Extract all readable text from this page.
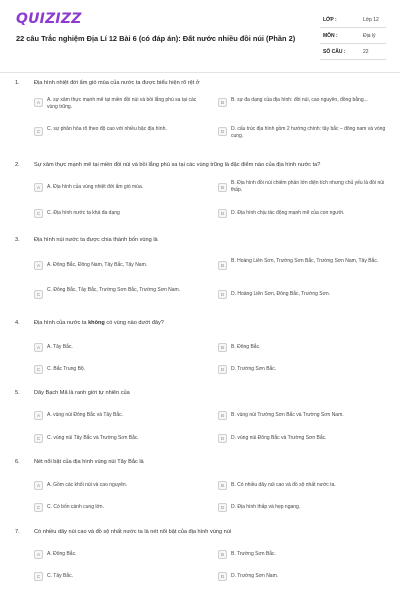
QUIZIZZ
22 câu Trắc nghiệm Địa Lí 12 Bài 6 (có đáp án): Đất nước nhiều đồi núi (Phần 2)
LỚP :	Lớp 12
MÔN :	Địa lý
SỐ CÂU :	22
1.	Địa hình nhiệt đới ẩm gió mùa của nước ta được biểu hiện rõ rệt ở
A	A. sự xâm thực mạnh mẽ tại miền đồi núi và bồi lắng phù sa tại các vùng trũng.
B	B. sự đa dạng của địa hình: đồi núi, cao nguyên, đồng bằng...
C	C. sự phân hóa rõ theo độ cao với nhiều bậc địa hình.	D	D. cấu trúc địa hình gồm 2 hướng chính: tây bắc – đông nam và vòng cung.
2.	Sự xâm thực mạnh mẽ tại miền đồi núi và bồi lắng phù sa tại các vùng trũng là đặc điểm nào của địa hình nước ta?
A	A. Địa hình của vùng nhiệt đới ẩm gió mùa.	B
B. Địa hình đồi núi chiếm phần lớn diện tích nhưng chủ yếu là đồi núi thấp.
C	C. Địa hình nước ta khá đa dạng	D	D. Địa hình chịu tác động mạnh mẽ của con người.
3.	Địa hình núi nước ta được chia thành bốn vùng là
A	A. Đông Bắc, Đông Nam, Tây Bắc, Tây Nam.	B
B. Hoàng Liên Sơn, Trường Sơn Bắc, Trường Sơn Nam, Tây Bắc.
C
C. Đông Bắc, Tây Bắc, Trường Sơn Bắc, Trường Sơn Nam.
D	D. Hoàng Liên Sơn, Đông Bắc, Trường Sơn.
4.	Địa hình của nước ta không có vùng nào dưới đây?
A	A. Tây Bắc.	B	B. Đông Bắc.
C	C. Bắc Trung Bộ.	D	D. Trường Sơn Bắc.
5.	Dãy Bạch Mã là ranh giới tự nhiên của
A	A. vùng núi Đông Bắc và Tây Bắc.	B	B. vùng núi Trường Sơn Bắc và Trường Sơn Nam.
C	C. vùng núi Tây Bắc và Trường Sơn Bắc.	D	D. vùng núi Đông Bắc và Trường Sơn Bắc.
6.	Nét nổi bật của địa hình vùng núi Tây Bắc là
A	A. Gồm các khối núi và cao nguyên.	B	B. Có nhiều dãy núi cao và đồ sộ nhất nước ta.
C	C. Có bốn cánh cung lớn.	D	D. Địa hình thấp và hẹp ngang.
7.	Có nhiều dãy núi cao và đồ sộ nhất nước ta là nét nổi bật của địa hình vùng núi
A	A. Đông Bắc.	B	B. Trường Sơn Bắc.
C	C. Tây Bắc.	D	D. Trường Sơn Nam.
